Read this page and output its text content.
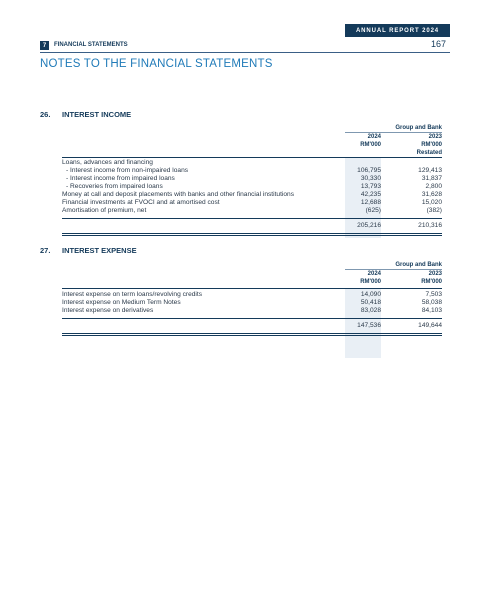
ANNUAL REPORT 2024
7 FINANCIAL STATEMENTS	167
NOTES TO THE FINANCIAL STATEMENTS
26. INTEREST INCOME
Group and Bank
2024	2023
RM'000	RM'000
Restated
Loans, advances and financing
- Interest income from non-impaired loans	106,795	129,413
- Interest income from impaired loans	30,330	31,837
- Recoveries from impaired loans	13,793	2,800
Money at call and deposit placements with banks and other financial institutions	42,235	31,628
Financial investments at FVOCI and at amortised cost	12,688	15,020
Amortisation of premium, net	(625)	(382)
205,216	210,316
27. INTEREST EXPENSE
Group and Bank
2024	2023
RM'000	RM'000
Interest expense on term loans/revolving credits	14,090	7,503
Interest expense on Medium Term Notes	50,418	58,038
Interest expense on derivatives	83,028	84,103
147,536	149,644
